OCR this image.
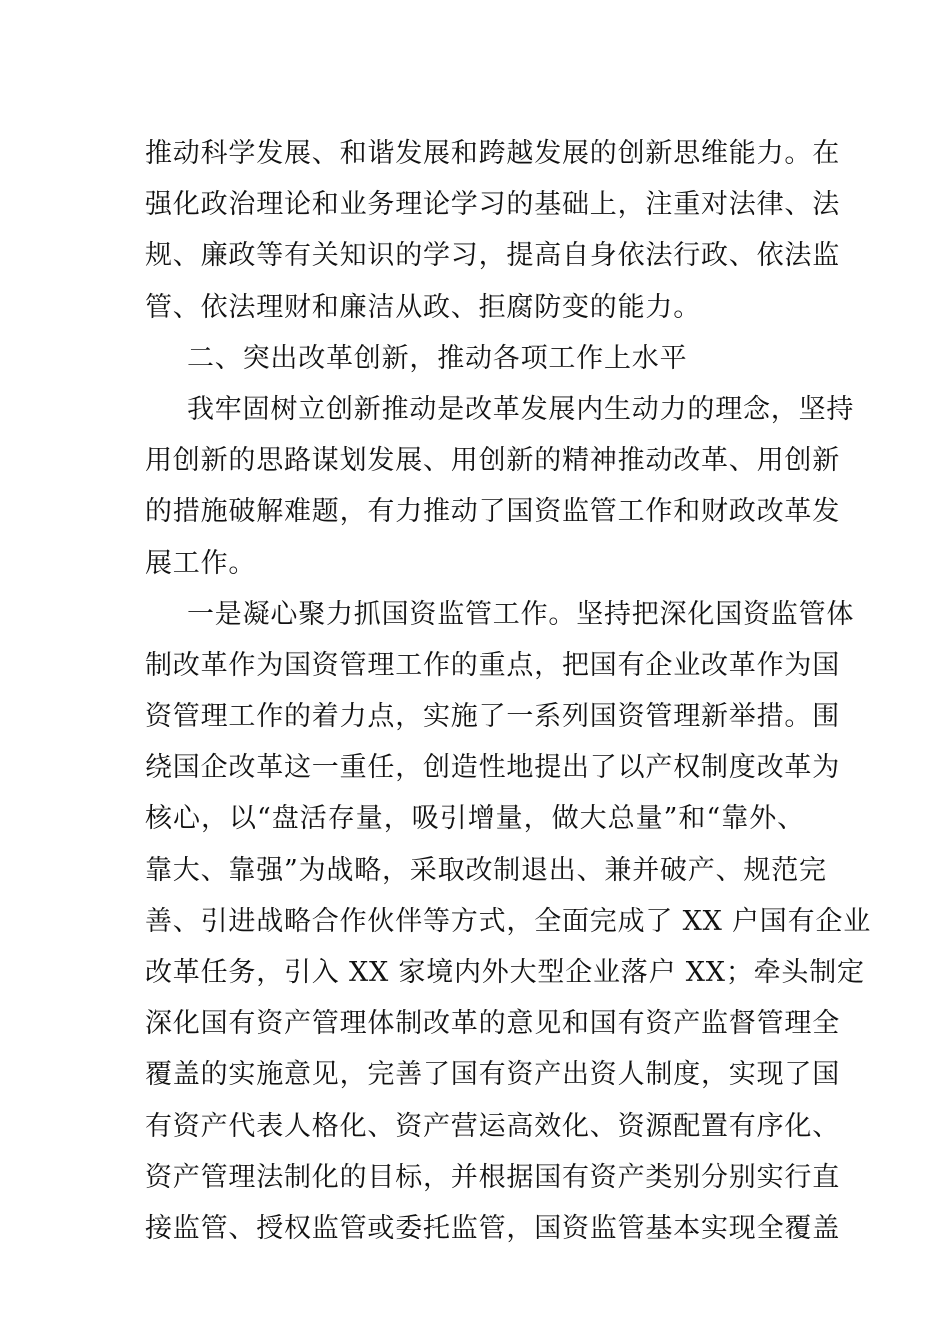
推动科学发展、和谐发展和跨越发展的创新思维能力。在
强化政治理论和业务理论学习的基础上，注重对法律、法
规、廉政等有关知识的学习，提高自身依法行政、依法监
管、依法理财和廉洁从政、拒腐防变的能力。
二、突出改革创新，推动各项工作上水平
我牢固树立创新推动是改革发展内生动力的理念，坚持
用创新的思路谋划发展、用创新的精神推动改革、用创新
的措施破解难题，有力推动了国资监管工作和财政改革发
展工作。
一是凝心聚力抓国资监管工作。坚持把深化国资监管体
制改革作为国资管理工作的重点，把国有企业改革作为国
资管理工作的着力点，实施了一系列国资管理新举措。围
绕国企改革这一重任，创造性地提出了以产权制度改革为
核心，以“盘活存量，吸引增量，做大总量”和“靠外、
靠大、靠强”为战略，采取改制退出、兼并破产、规范完
善、引进战略合作伙伴等方式，全面完成了 XX 户国有企业
改革任务，引入 XX 家境内外大型企业落户 XX；牵头制定
深化国有资产管理体制改革的意见和国有资产监督管理全
覆盖的实施意见，完善了国有资产出资人制度，实现了国
有资产代表人格化、资产营运高效化、资源配置有序化、
资产管理法制化的目标，并根据国有资产类别分别实行直
接监管、授权监管或委托监管，国资监管基本实现全覆盖
